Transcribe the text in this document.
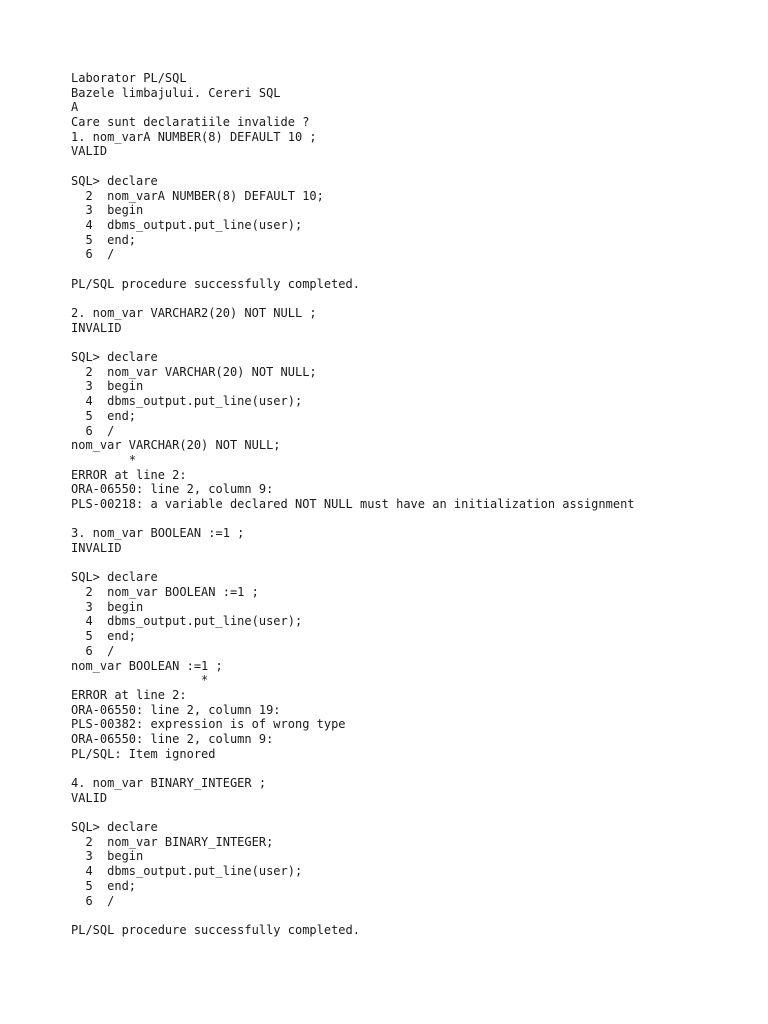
Laborator PL/SQL
Bazele limbajului. Cereri SQL
A
Care sunt declaratiile invalide ?
1. nom_varA NUMBER(8) DEFAULT 10 ;
VALID
SQL> declare
2  nom_varA NUMBER(8) DEFAULT 10;
3  begin
4  dbms_output.put_line(user);
5  end;
6  /
PL/SQL procedure successfully completed.
2. nom_var VARCHAR2(20) NOT NULL ;
INVALID
SQL> declare
2  nom_var VARCHAR(20) NOT NULL;
3  begin
4  dbms_output.put_line(user);
5  end;
6  /
nom_var VARCHAR(20) NOT NULL;
*
ERROR at line 2:
ORA-06550: line 2, column 9:
PLS-00218: a variable declared NOT NULL must have an initialization assignment
3. nom_var BOOLEAN :=1 ;
INVALID
SQL> declare
2  nom_var BOOLEAN :=1 ;
3  begin
4  dbms_output.put_line(user);
5  end;
6  /
nom_var BOOLEAN :=1 ;
*
ERROR at line 2:
ORA-06550: line 2, column 19:
PLS-00382: expression is of wrong type
ORA-06550: line 2, column 9:
PL/SQL: Item ignored
4. nom_var BINARY_INTEGER ;
VALID
SQL> declare
2  nom_var BINARY_INTEGER;
3  begin
4  dbms_output.put_line(user);
5  end;
6  /
PL/SQL procedure successfully completed.
